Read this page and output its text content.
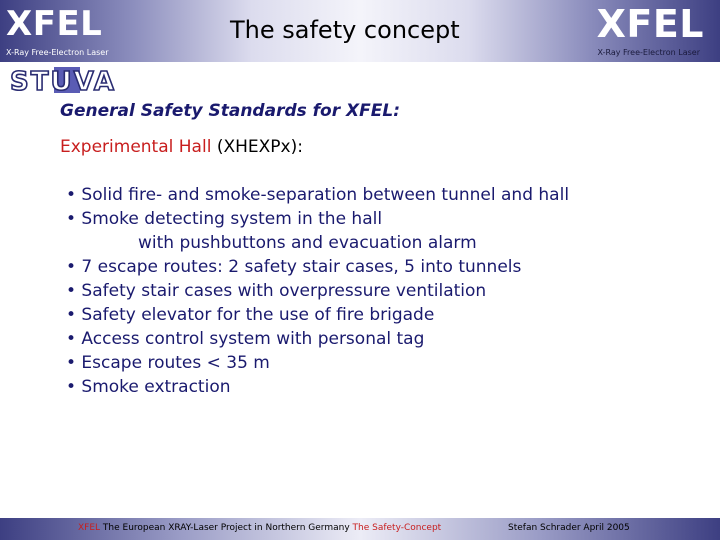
XFEL
X-Ray Free-Electron Laser
The safety concept	XFEL
X-Ray Free-Electron Laser
STUVA
General Safety Standards for XFEL:
Experimental Hall (XHEXPx):
• Solid fire- and smoke-separation between tunnel and hall
• Smoke detecting system in the hall
with pushbuttons and evacuation alarm
• 7 escape routes: 2 safety stair cases, 5 into tunnels
• Safety stair cases with overpressure ventilation
• Safety elevator for the use of fire brigade
• Access control system with personal tag
• Escape routes < 35 m
• Smoke extraction
XFEL The European XRAY-Laser Project in Northern Germany The Safety-Concept	Stefan Schrader April 2005
